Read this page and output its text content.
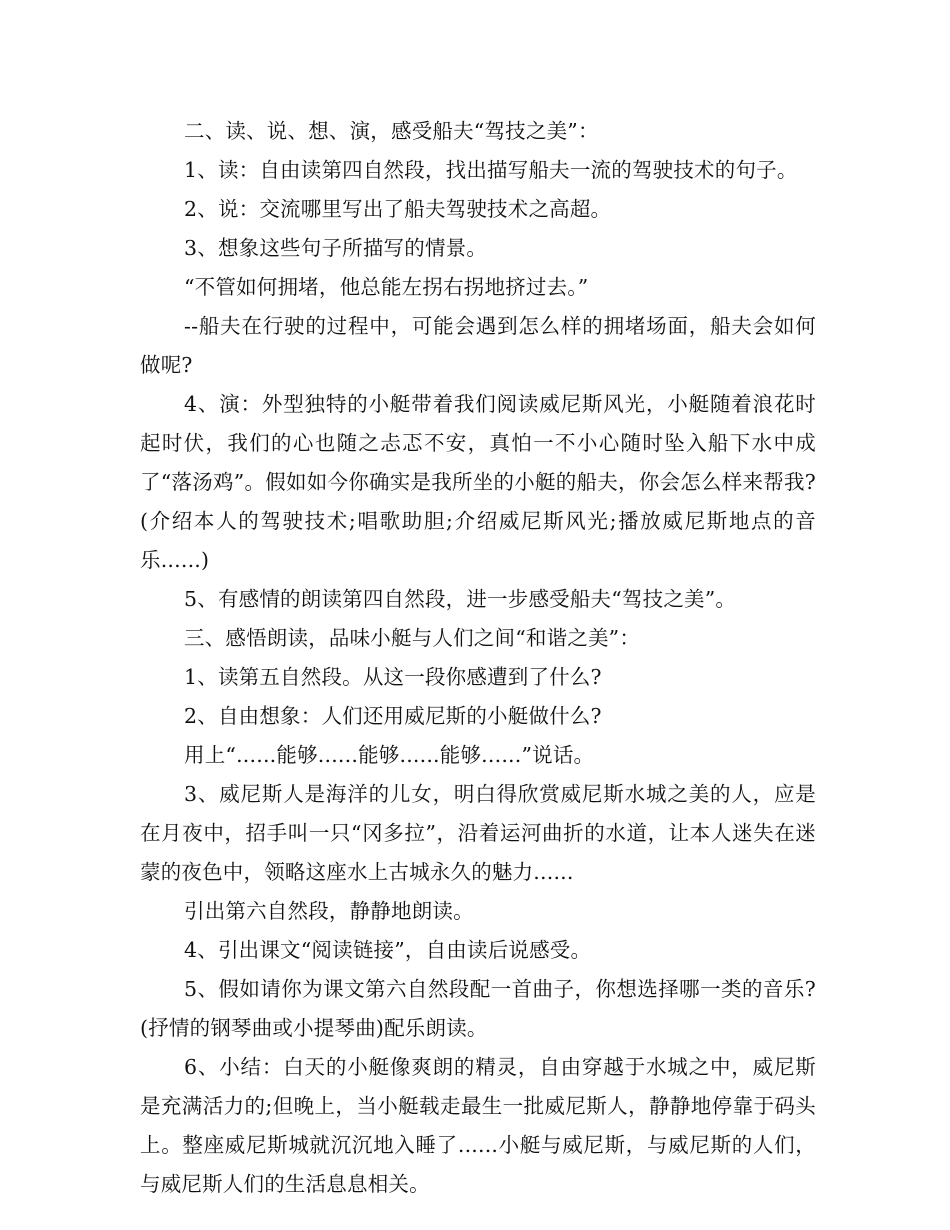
二、读、说、想、演，感受船夫“驾技之美”：

1、读：自由读第四自然段，找出描写船夫一流的驾驶技术的句子。

2、说：交流哪里写出了船夫驾驶技术之高超。

3、想象这些句子所描写的情景。

“不管如何拥堵，他总能左拐右拐地挤过去。”

--船夫在行驶的过程中，可能会遇到怎么样的拥堵场面，船夫会如何做呢?

4、演：外型独特的小艇带着我们阅读威尼斯风光，小艇随着浪花时起时伏，我们的心也随之忐忑不安，真怕一不小心随时坠入船下水中成了“落汤鸡”。假如如今你确实是我所坐的小艇的船夫，你会怎么样来帮我?(介绍本人的驾驶技术;唱歌助胆;介绍威尼斯风光;播放威尼斯地点的音乐......)

5、有感情的朗读第四自然段，进一步感受船夫“驾技之美”。

三、感悟朗读，品味小艇与人们之间“和谐之美”：

1、读第五自然段。从这一段你感遭到了什么?

2、自由想象：人们还用威尼斯的小艇做什么?

用上“......能够......能够......能够......”说话。

3、威尼斯人是海洋的儿女，明白得欣赏威尼斯水城之美的人，应是在月夜中，招手叫一只“冈多拉”，沿着运河曲折的水道，让本人迷失在迷蒙的夜色中，领略这座水上古城永久的魅力......

引出第六自然段，静静地朗读。

4、引出课文“阅读链接”，自由读后说感受。

5、假如请你为课文第六自然段配一首曲子，你想选择哪一类的音乐?(抒情的钢琴曲或小提琴曲)配乐朗读。

6、小结：白天的小艇像爽朗的精灵，自由穿越于水城之中，威尼斯是充满活力的;但晚上，当小艇载走最生一批威尼斯人，静静地停靠于码头上。整座威尼斯城就沉沉地入睡了......小艇与威尼斯，与威尼斯的人们，与威尼斯人们的生活息息相关。
